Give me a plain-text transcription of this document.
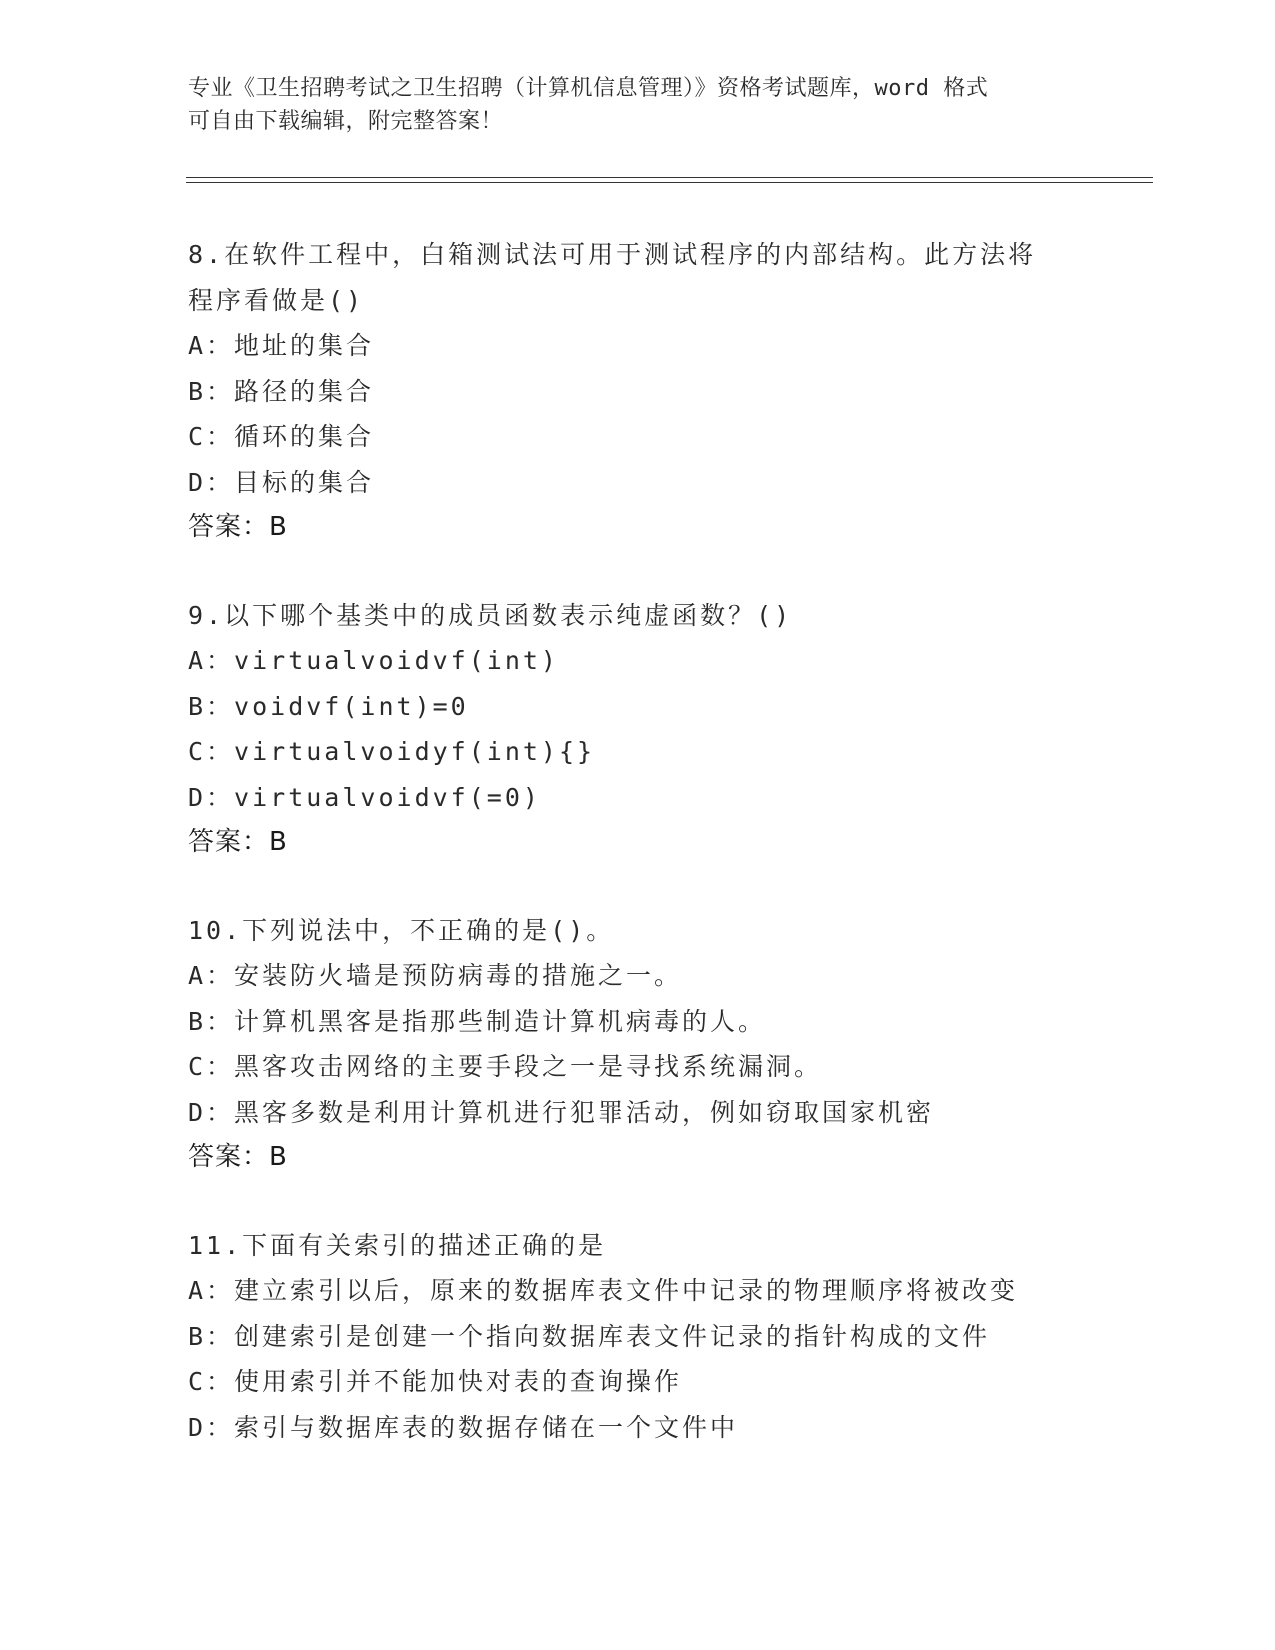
专业《卫生招聘考试之卫生招聘（计算机信息管理）》资格考试题库，word 格式
可自由下载编辑，附完整答案！
8.在软件工程中，白箱测试法可用于测试程序的内部结构。此方法将
程序看做是()
A：地址的集合
B：路径的集合
C：循环的集合
D：目标的集合
答案：B
9.以下哪个基类中的成员函数表示纯虚函数？()
A：virtualvoidvf(int)
B：voidvf(int)=0
C：virtualvoidyf(int){}
D：virtualvoidvf(=0)
答案：B
10.下列说法中，不正确的是()。
A：安装防火墙是预防病毒的措施之一。
B：计算机黑客是指那些制造计算机病毒的人。
C：黑客攻击网络的主要手段之一是寻找系统漏洞。
D：黑客多数是利用计算机进行犯罪活动，例如窃取国家机密
答案：B
11.下面有关索引的描述正确的是
A：建立索引以后，原来的数据库表文件中记录的物理顺序将被改变
B：创建索引是创建一个指向数据库表文件记录的指针构成的文件
C：使用索引并不能加快对表的查询操作
D：索引与数据库表的数据存储在一个文件中
